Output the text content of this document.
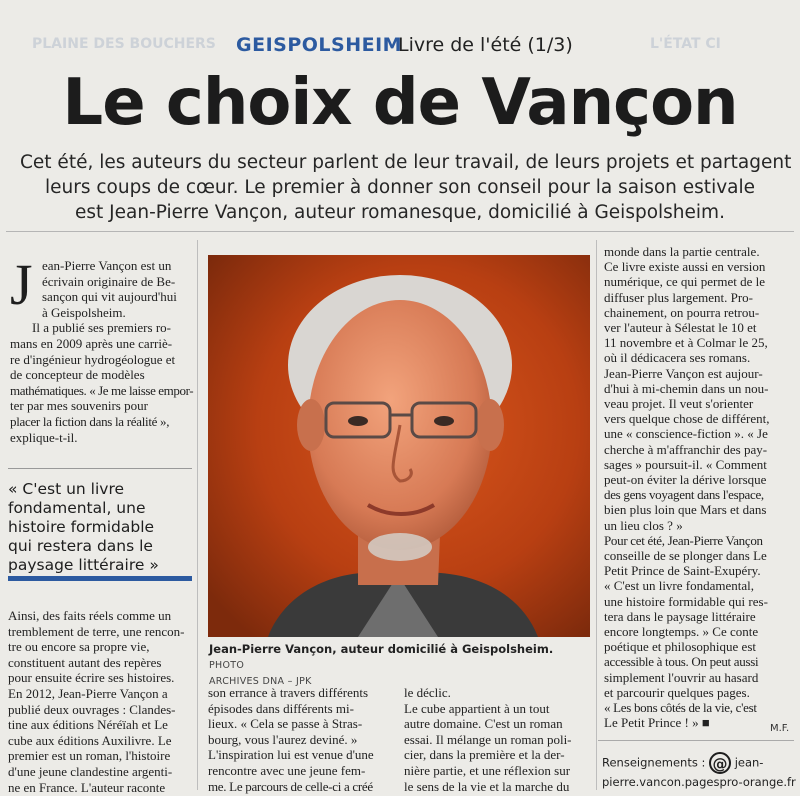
PLAINE DES BOUCHERS	L'ÉTAT CI
GEISPOLSHEIM
Livre de l'été (1/3)
Le choix de Vançon

Cet été, les auteurs du secteur parlent de leur travail, de leurs projets et partagent

leurs coups de cœur. Le premier à donner son conseil pour la saison estivale

est Jean-Pierre Vançon, auteur romanesque, domicilié à Geispolsheim.

J ean-Pierre Vançon est un

écrivain originaire de Be-

sançon qui vit aujourd'hui

à Geispolsheim.

Il a publié ses premiers ro-

mans en 2009 après une carriè-

re d'ingénieur hydrogéologue et

de concepteur de modèles

mathématiques. « Je me laisse empor-

ter par mes souvenirs pour

placer la fiction dans la réalité »,

explique-t-il.

« C'est un livre

fondamental, une

histoire formidable

qui restera dans le

paysage littéraire »

Ainsi, des faits réels comme un

tremblement de terre, une rencon-

tre ou encore sa propre vie,

constituent autant des repères

pour ensuite écrire ses histoires.

En 2012, Jean-Pierre Vançon a

publié deux ouvrages : Clandes-

tine aux éditions Néréïah et Le

cube aux éditions Auxilivre. Le

premier est un roman, l'histoire

d'une jeune clandestine argenti-

ne en France. L'auteur raconte

Jean-Pierre Vançon, auteur domicilié à Geispolsheim. PHOTO
ARCHIVES DNA – JPK

son errance à travers différents

épisodes dans différents mi-

lieux. « Cela se passe à Stras-

bourg, vous l'aurez deviné. »

L'inspiration lui est venue d'une

rencontre avec une jeune fem-

me. Le parcours de celle-ci a créé

le déclic.

Le cube appartient à un tout

autre domaine. C'est un roman

essai. Il mélange un roman poli-

cier, dans la première et la der-

nière partie, et une réflexion sur

le sens de la vie et la marche du

monde dans la partie centrale.

Ce livre existe aussi en version

numérique, ce qui permet de le

diffuser plus largement. Pro-

chainement, on pourra retrou-

ver l'auteur à Sélestat le 10 et

11 novembre et à Colmar le 25,

où il dédicacera ses romans.

Jean-Pierre Vançon est aujour-

d'hui à mi-chemin dans un nou-

veau projet. Il veut s'orienter

vers quelque chose de différent,

une « conscience-fiction ». « Je

cherche à m'affranchir des pay-

sages » poursuit-il. « Comment

peut-on éviter la dérive lorsque

des gens voyagent dans l'espace,

bien plus loin que Mars et dans

un lieu clos ? »

Pour cet été, Jean-Pierre Vançon

conseille de se plonger dans Le

Petit Prince de Saint-Exupéry.

« C'est un livre fondamental,

une histoire formidable qui res-

tera dans le paysage littéraire

encore longtemps. » Ce conte

poétique et philosophique est

accessible à tous. On peut aussi

simplement l'ouvrir au hasard

et parcourir quelques pages.

« Les bons côtés de la vie, c'est

Le Petit Prince ! » ■	M.F.
Renseignements : @ jean-
pierre.vancon.pagespro-orange.fr
